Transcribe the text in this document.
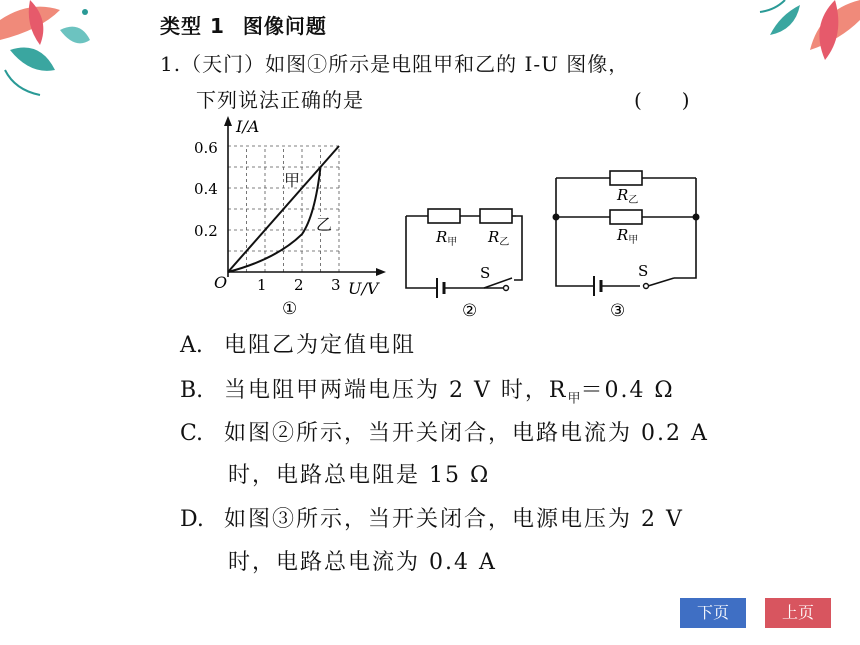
类型 1 图像问题
1.（天门）如图①所示是电阻甲和乙的 I-U 图像，
下列说法正确的是	(　　)
I/A
U/V
O
0.2
0.4
0.6
1 2 3
甲
乙
①
$R_甲$ $R_乙$
S
②
$R_乙$
$R_甲$
S
③
A. 电阻乙为定值电阻
B. 当电阻甲两端电压为 2 V 时，$R_甲=0.4$ Ω
C. 如图②所示，当开关闭合，电路电流为 0.2 A
时，电路总电阻是 15 Ω
D. 如图③所示，当开关闭合，电源电压为 2 V
时，电路总电流为 0.4 A
下页	上页
